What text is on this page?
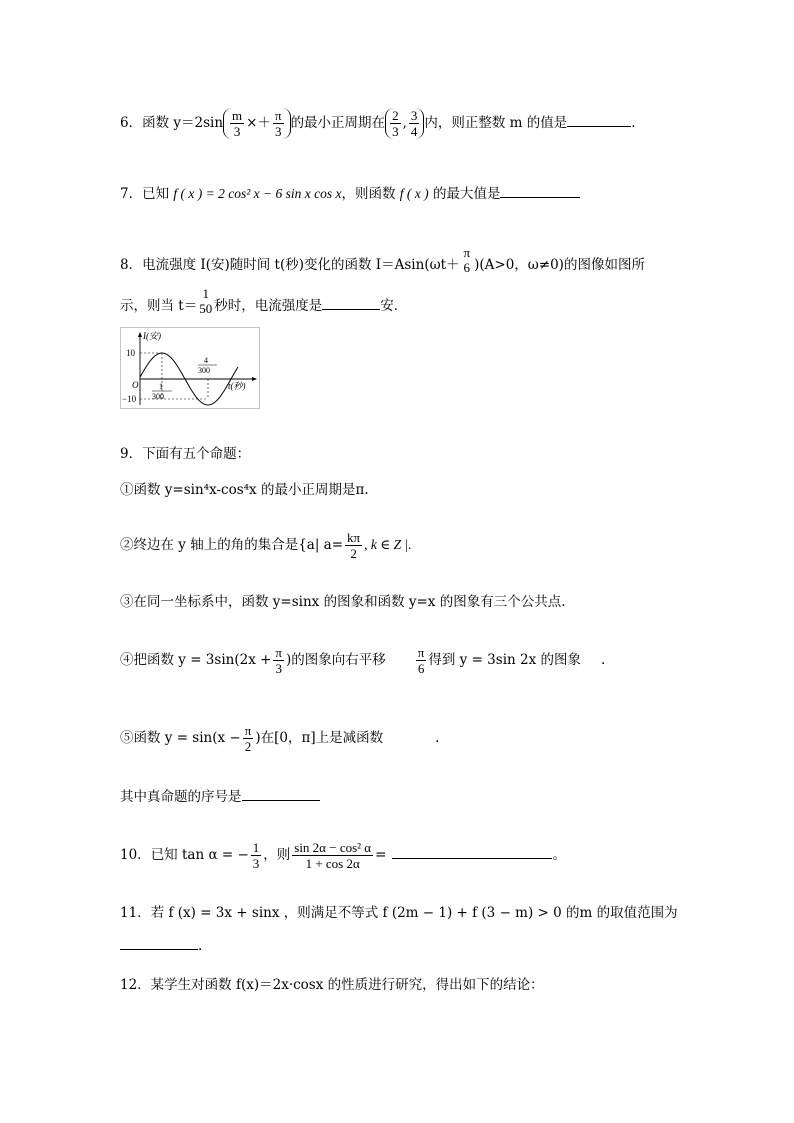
6．函数 $y=2\sin \frac{m}{3} \times+ \frac{\pi}{3}$ 的最小正周期在 $\frac{2}{3}$ , $\frac{3}{4}$ 内，则正整数 m 的值是	.
7．已知 f ( x ) = 2 cos² x − 6 sin x cos x，则函数 f ( x ) 的最大值是
8．电流强度 I(安)随时间 t(秒)变化的函数 I＝Asin(ωt＋
π
6 )(A>0，ω≠0)的图像如图所
示，则当 t＝
1
50 秒时，电流强度是	安．
I(安)
10
O
−10
1
300
4
300
t(秒)
9．下面有五个命题：
①函数 y=sin⁴x-cos⁴x 的最小正周期是π.
②终边在 y 轴上的角的集合是{a| $a= \frac{k\pi}{2}$ , k ∈ Z |.
③在同一坐标系中，函数 y=sinx 的图象和函数 y=x 的图象有三个公共点.
④把函数 $y = 3\sin(2x + \frac{\pi}{3}$ )的图象向右平移 $\frac{\pi}{6}$ 得到 y = 3sin 2x 的图象 .
⑤函数 $y = \sin(x - \frac{\pi}{2}$ )在[0，π]上是减函数	.
其中真命题的序号是
10．已知 tan α = − $\frac{1}{3}$ ，则 $\frac{\text{sin 2α − cos² α}}{1 + \cos 2\alpha}$ =	。
11．若 f (x) = 3x + sinx ，则满足不等式 f (2m − 1) + f (3 − m) > 0 的m 的取值范围为
.
12．某学生对函数 f(x)＝2x·cosx 的性质进行研究，得出如下的结论：
